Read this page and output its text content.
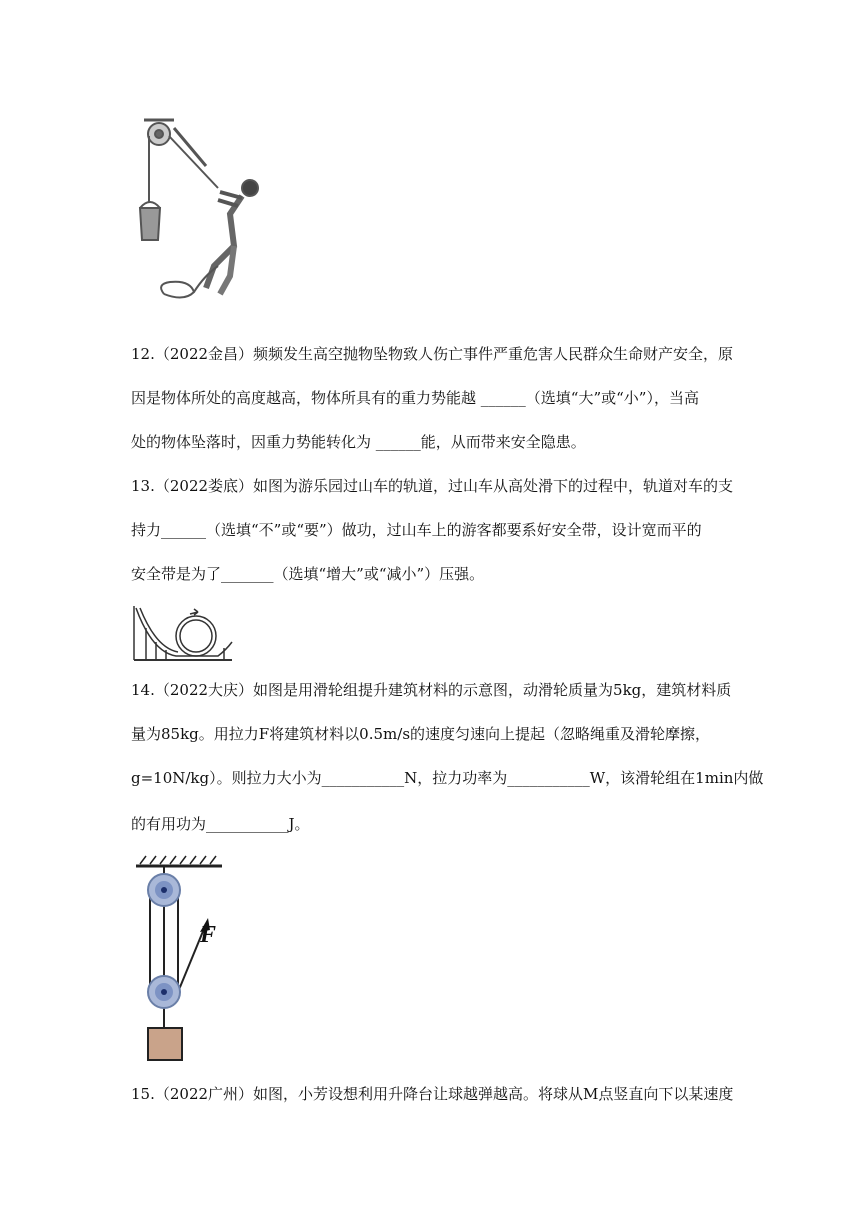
12.（2022金昌）频频发生高空抛物坠物致人伤亡事件严重危害人民群众生命财产安全，原
因是物体所处的高度越高，物体所具有的重力势能越 ______（选填“大”或“小”），当高
处的物体坠落时，因重力势能转化为 ______能，从而带来安全隐患。
13.（2022娄底）如图为游乐园过山车的轨道，过山车从高处滑下的过程中，轨道对车的支
持力______（选填“不”或“要”）做功，过山车上的游客都要系好安全带，设计宽而平的
安全带是为了_______（选填“增大”或“减小”）压强。
14.（2022大庆）如图是用滑轮组提升建筑材料的示意图，动滑轮质量为5kg，建筑材料质
量为85kg。用拉力F将建筑材料以0.5m/s的速度匀速向上提起（忽略绳重及滑轮摩擦，
g=10N/kg）。则拉力大小为___________N，拉力功率为___________W，该滑轮组在1min内做
的有用功为___________J。
F
15.（2022广州）如图，小芳设想利用升降台让球越弹越高。将球从M点竖直向下以某速度
